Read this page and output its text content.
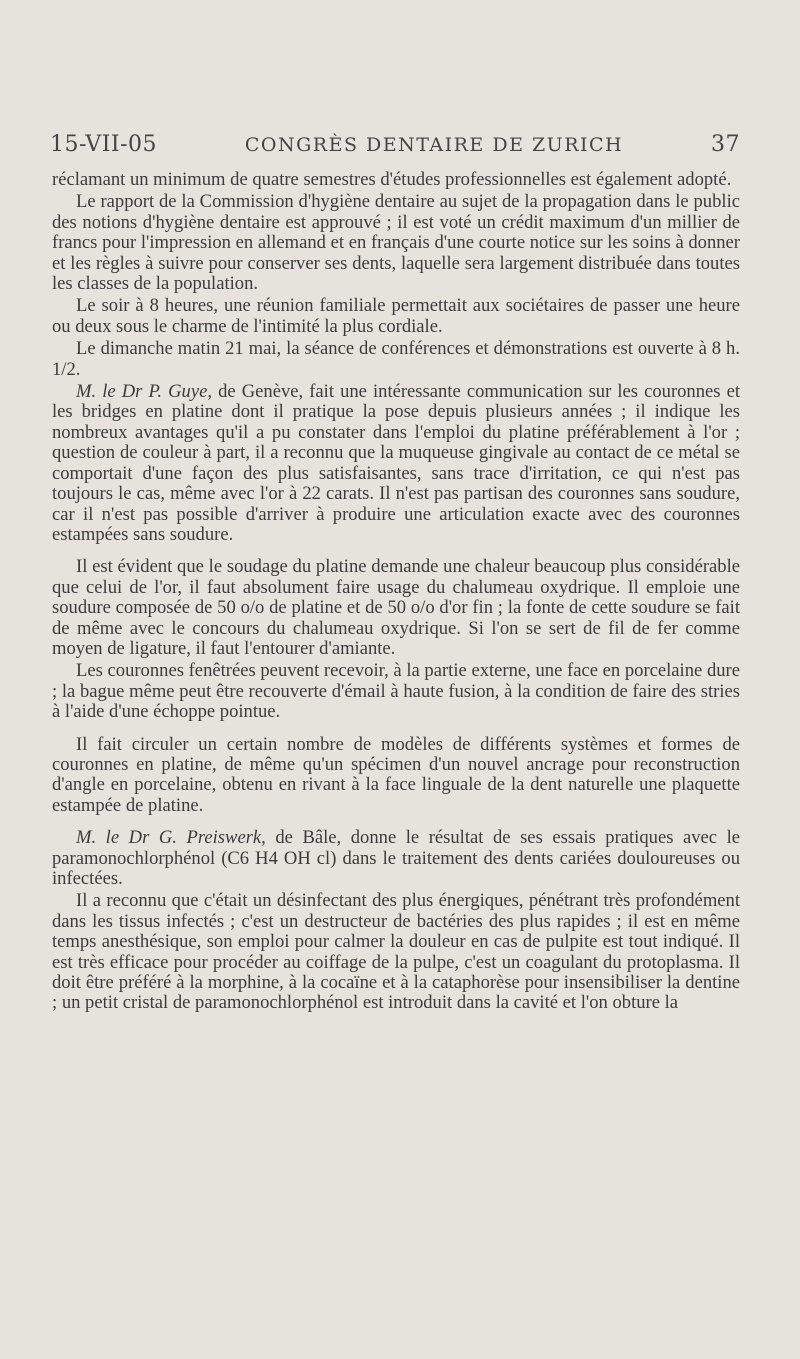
15-VII-05	CONGRÈS DENTAIRE DE ZURICH	37

réclamant un minimum de quatre semestres d'études professionnelles est également adopté.

Le rapport de la Commission d'hygiène dentaire au sujet de la propagation dans le public des notions d'hygiène dentaire est approuvé ; il est voté un crédit maximum d'un millier de francs pour l'impression en allemand et en français d'une courte notice sur les soins à donner et les règles à suivre pour conserver ses dents, laquelle sera largement distribuée dans toutes les classes de la population.

Le soir à 8 heures, une réunion familiale permettait aux sociétaires de passer une heure ou deux sous le charme de l'intimité la plus cordiale.

Le dimanche matin 21 mai, la séance de conférences et démonstrations est ouverte à 8 h. 1/2.

M. le Dr P. Guye, de Genève, fait une intéressante communication sur les couronnes et les bridges en platine dont il pratique la pose depuis plusieurs années ; il indique les nombreux avantages qu'il a pu constater dans l'emploi du platine préférablement à l'or ; question de couleur à part, il a reconnu que la muqueuse gingivale au contact de ce métal se comportait d'une façon des plus satisfaisantes, sans trace d'irritation, ce qui n'est pas toujours le cas, même avec l'or à 22 carats. Il n'est pas partisan des couronnes sans soudure, car il n'est pas possible d'arriver à produire une articulation exacte avec des couronnes estampées sans soudure.

Il est évident que le soudage du platine demande une chaleur beaucoup plus considérable que celui de l'or, il faut absolument faire usage du chalumeau oxydrique. Il emploie une soudure composée de 50 o/o de platine et de 50 o/o d'or fin ; la fonte de cette soudure se fait de même avec le concours du chalumeau oxydrique. Si l'on se sert de fil de fer comme moyen de ligature, il faut l'entourer d'amiante.

Les couronnes fenêtrées peuvent recevoir, à la partie externe, une face en porcelaine dure ; la bague même peut être recouverte d'émail à haute fusion, à la condition de faire des stries à l'aide d'une échoppe pointue.

Il fait circuler un certain nombre de modèles de différents systèmes et formes de couronnes en platine, de même qu'un spécimen d'un nouvel ancrage pour reconstruction d'angle en porcelaine, obtenu en rivant à la face linguale de la dent naturelle une plaquette estampée de platine.

M. le Dr G. Preiswerk, de Bâle, donne le résultat de ses essais pratiques avec le paramonochlorphénol (C6 H4 OH cl) dans le traitement des dents cariées douloureuses ou infectées.

Il a reconnu que c'était un désinfectant des plus énergiques, pénétrant très profondément dans les tissus infectés ; c'est un destructeur de bactéries des plus rapides ; il est en même temps anesthésique, son emploi pour calmer la douleur en cas de pulpite est tout indiqué. Il est très efficace pour procéder au coiffage de la pulpe, c'est un coagulant du protoplasma. Il doit être préféré à la morphine, à la cocaïne et à la cataphorèse pour insensibiliser la dentine ; un petit cristal de paramonochlorphénol est introduit dans la cavité et l'on obture la
